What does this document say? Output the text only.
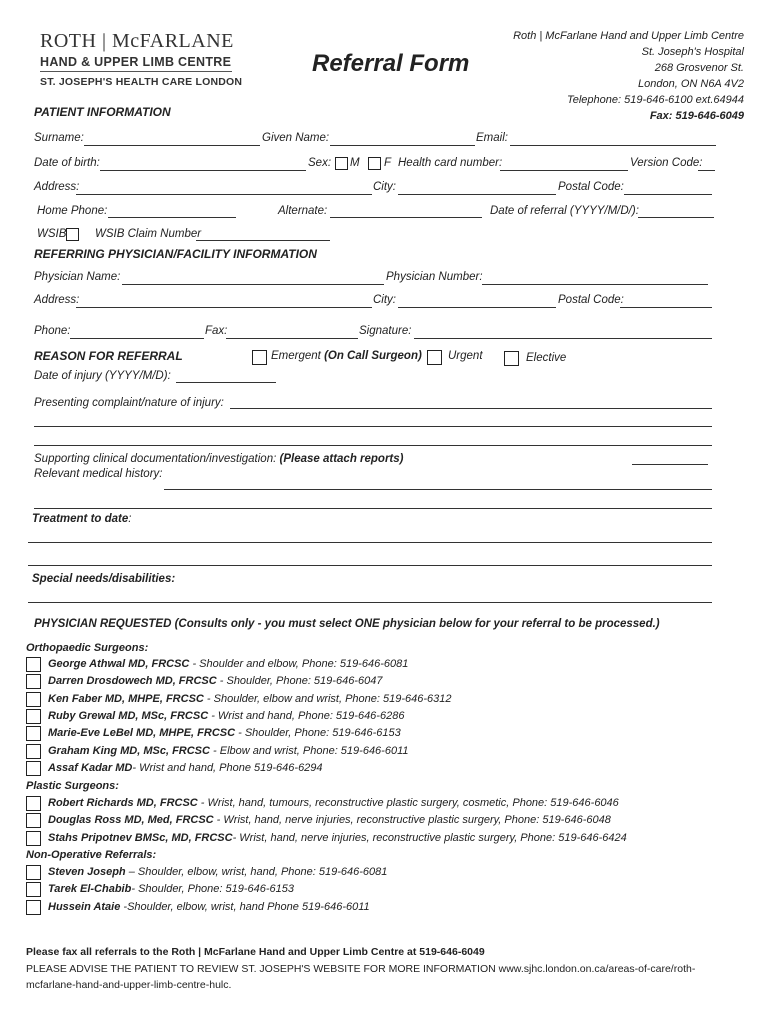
ROTH | McFARLANE
HAND & UPPER LIMB CENTRE
ST. JOSEPH'S HEALTH CARE LONDON
Referral Form
Roth | McFarlane Hand and Upper Limb Centre
St. Joseph's Hospital
268 Grosvenor St.
London, ON N6A 4V2
Telephone: 519-646-6100 ext.64944
Fax: 519-646-6049
PATIENT INFORMATION
Surname:	Given Name:	Email:
Date of birth:	Sex: M F Health card number:	Version Code:
Address:	City:	Postal Code:
Home Phone:	Alternate:	Date of referral (YYYY/M/D/):
WSIB WSIB Claim Number
REFERRING PHYSICIAN/FACILITY INFORMATION
Physician Name:	Physician Number:
Address:	City:	Postal Code:
Phone:	Fax:	Signature:
REASON FOR REFERRAL	Emergent (On Call Surgeon) Urgent	Elective
Date of injury (YYYY/M/D):
Presenting complaint/nature of injury:
Supporting clinical documentation/investigation: (Please attach reports)
Relevant medical history:
Treatment to date:
Special needs/disabilities:
PHYSICIAN REQUESTED (Consults only - you must select ONE physician below for your referral to be processed.)
Orthopaedic Surgeons:
George Athwal MD, FRCSC - Shoulder and elbow, Phone: 519-646-6081
Darren Drosdowech MD, FRCSC - Shoulder, Phone: 519-646-6047
Ken Faber MD, MHPE, FRCSC - Shoulder, elbow and wrist, Phone: 519-646-6312
Ruby Grewal MD, MSc, FRCSC - Wrist and hand, Phone: 519-646-6286
Marie-Eve LeBel MD, MHPE, FRCSC - Shoulder, Phone: 519-646-6153
Graham King MD, MSc, FRCSC - Elbow and wrist, Phone: 519-646-6011
Assaf Kadar MD- Wrist and hand, Phone 519-646-6294
Plastic Surgeons:
Robert Richards MD, FRCSC - Wrist, hand, tumours, reconstructive plastic surgery, cosmetic, Phone: 519-646-6046
Douglas Ross MD, Med, FRCSC - Wrist, hand, nerve injuries, reconstructive plastic surgery, Phone: 519-646-6048
Stahs Pripotnev BMSc, MD, FRCSC- Wrist, hand, nerve injuries, reconstructive plastic surgery, Phone: 519-646-6424
Non-Operative Referrals:
Steven Joseph – Shoulder, elbow, wrist, hand, Phone: 519-646-6081
Tarek El-Chabib- Shoulder, Phone: 519-646-6153
Hussein Ataie -Shoulder, elbow, wrist, hand Phone 519-646-6011
Please fax all referrals to the Roth | McFarlane Hand and Upper Limb Centre at 519-646-6049
PLEASE ADVISE THE PATIENT TO REVIEW ST. JOSEPH'S WEBSITE FOR MORE INFORMATION www.sjhc.london.on.ca/areas-of-care/roth-
mcfarlane-hand-and-upper-limb-centre-hulc.
